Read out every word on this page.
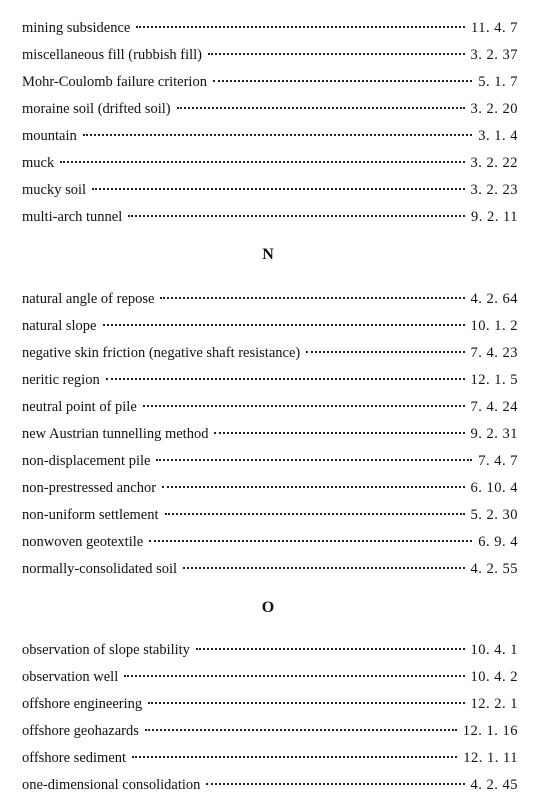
mining subsidence	11. 4. 7
miscellaneous fill (rubbish fill)	3. 2. 37
Mohr-Coulomb failure criterion	5. 1. 7
moraine soil (drifted soil)	3. 2. 20
mountain	3. 1. 4
muck	3. 2. 22
mucky soil	3. 2. 23
multi-arch tunnel	9. 2. 11
N
natural angle of repose	4. 2. 64
natural slope	10. 1. 2
negative skin friction (negative shaft resistance)	7. 4. 23
neritic region	12. 1. 5
neutral point of pile	7. 4. 24
new Austrian tunnelling method	9. 2. 31
non-displacement pile	7. 4. 7
non-prestressed anchor	6. 10. 4
non-uniform settlement	5. 2. 30
nonwoven geotextile	6. 9. 4
normally-consolidated soil	4. 2. 55
O
observation of slope stability	10. 4. 1
observation well	10. 4. 2
offshore engineering	12. 2. 1
offshore geohazards	12. 1. 16
offshore sediment	12. 1. 11
one-dimensional consolidation	4. 2. 45
